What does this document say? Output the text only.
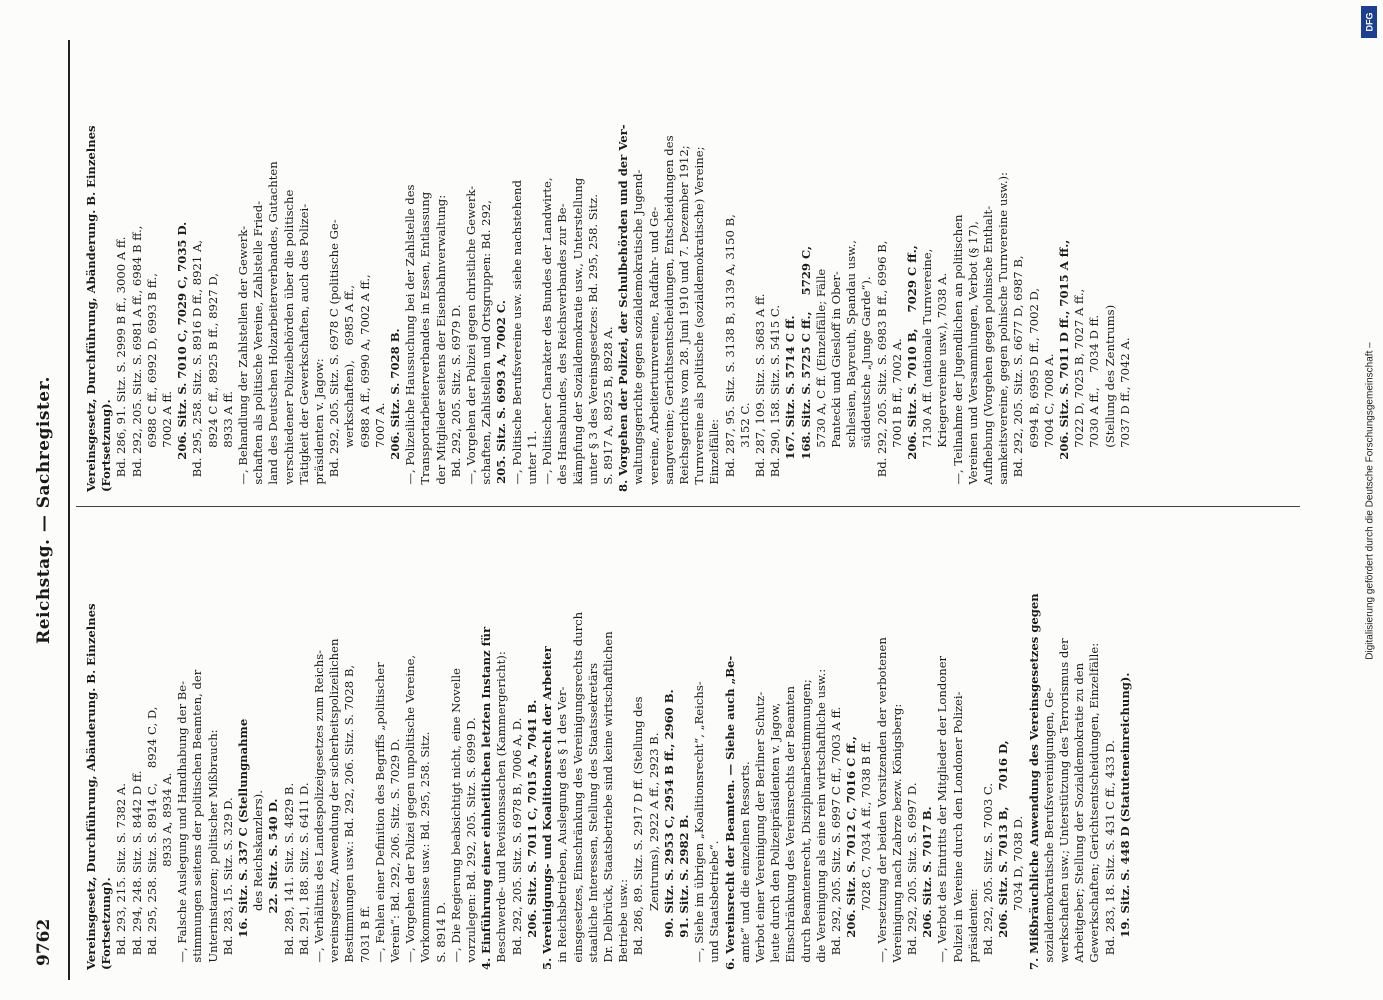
9762
Reichstag. — Sachregister.
Vereinsgesetz, Durchführung, Abänderung. B. Einzelnes (Fortsetzung). Bd. 293, 215. Sitz. S. 7382 A. Bd. 294, 248. Sitz. S. 8442 D ff. Bd. 295, 258. Sitz. S. 8914 C,    8924 C, D, 8933 A, 8934 A. —, Falsche Auslegung und Handhabung der Be- stimmungen seitens der politischen Beamten, der Unterinstanzen; politischer Mißbrauch: Bd. 283, 15. Sitz. S. 329 D. 16. Sitz. S. 337 C (Stellungnahme des Reichskanzlers). 22. Sitz. S. 540 D. Bd. 289, 141. Sitz. S. 4829 B. Bd. 291, 188. Sitz. S. 6411 D. —, Verhältnis des Landespolizeigesetzes zum Reichs- vereinsgesetz, Anwendung der sicherheitspolizeilichen Bestimmungen usw.: Bd. 292, 206. Sitz. S. 7028 B, 7031 B ff. —, Fehlen einer Definition des Begriffs „politischer Verein“: Bd. 292, 206. Sitz. S. 7029 D. —, Vorgehen der Polizei gegen unpolitische Vereine, Vorkommnisse usw.: Bd. 295, 258. Sitz. S. 8914 D. —, Die Regierung beabsichtigt nicht, eine Novelle vorzulegen: Bd. 292, 205. Sitz. S. 6999 D. 4. Einführung einer einheitlichen letzten Instanz für Beschwerde- und Revisionssachen (Kammergericht): Bd. 292, 205. Sitz. S. 6978 B, 7006 A, D. 206. Sitz. S. 7011 C, 7015 A, 7041 B. 5. Vereinigungs- und Koalitionsrecht der Arbeiter in Reichsbetrieben, Auslegung des § 1 des Ver- einsgesetzes, Einschränkung des Vereinigungsrechts durch staatliche Interessen, Stellung des Staatssekretärs Dr. Delbrück, Staatsbetriebe sind keine wirtschaftlichen Betriebe usw.: Bd. 286, 89. Sitz. S. 2917 D ff. (Stellung des Zentrums), 2922 A ff., 2923 B. 90. Sitz. S. 2953 C, 2954 B ff., 2960 B. 91. Sitz. S. 2982 B. —, Siehe im übrigen „Koalitionsrecht“, „Reichs- und Staatsbetriebe“. 6. Vereinsrecht der Beamten. — Siehe auch „Be- amte“ und die einzelnen Ressorts. Verbot einer Vereinigung der Berliner Schutz- leute durch den Polizeipräsidenten v. Jagow, Einschränkung des Vereinsrechts der Beamten durch Beamtenrecht, Disziplinarbestimmungen; die Vereinigung als eine rein wirtschaftliche usw.: Bd. 292, 205. Sitz. S. 6997 C ff., 7003 A ff. 206. Sitz. S. 7012 C, 7016 C ff., 7028 C, 7034 A ff., 7038 B ff. —, Versetzung der beiden Vorsitzenden der verbotenen Vereinigung nach Zabrze bezw. Königsberg: Bd. 292, 205. Sitz. S. 6997 D. 206. Sitz. S. 7017 B. —, Verbot des Eintritts der Mitglieder der Londoner Polizei in Vereine durch den Londoner Polizei- präsidenten: Bd. 292, 205. Sitz. S. 7003 C. 206. Sitz. S. 7013 B,    7016 D, 7034 D, 7038 D. 7. Mißbräuchliche Anwendung des Vereinsgesetzes gegen sozialdemokratische Berufsvereinigungen, Ge- werkschaften usw.; Unterstützung des Terrorismus der Arbeitgeber; Stellung der Sozialdemokratie zu den Gewerkschaften; Gerichtsentscheidungen, Einzelfälle: Bd. 283, 18. Sitz. S. 431 C ff., 433 D. 19. Sitz. S. 448 D (Statuteneinreichung).
Vereinsgesetz, Durchführung, Abänderung. B. Einzelnes (Fortsetzung). Bd. 286, 91. Sitz. S. 2999 B ff., 3000 A ff. Bd. 292, 205. Sitz. S. 6981 A ff., 6984 B ff., 6988 C ff., 6992 D, 6993 B ff., 7002 A ff. 206. Sitz. S. 7010 C, 7029 C, 7035 D. Bd. 295, 258. Sitz. S. 8916 D ff., 8921 A, 8924 C ff., 8925 B ff., 8927 D, 8933 A ff. —, Behandlung der Zahlstellen der Gewerk- schaften als politische Vereine, Zahlstelle Fried- land des Deutschen Holzarbeiterverbandes, Gutachten verschiedener Polizeibehörden über die politische Tätigkeit der Gewerkschaften, auch des Polizei- präsidenten v. Jagow: Bd. 292, 205. Sitz. S. 6978 C (politische Ge- werkschaften),    6985 A ff., 6988 A ff., 6990 A, 7002 A ff., 7007 A. 206. Sitz. S. 7028 B. —, Polizeiliche Haussuchung bei der Zahlstelle des Transportarbeiterverbandes in Essen, Entlassung der Mitglieder seitens der Eisenbahnverwaltung: Bd. 292, 205. Sitz. S. 6979 D. —, Vorgehen der Polizei gegen christliche Gewerk- schaften, Zahlstellen und Ortsgruppen: Bd. 292, 205. Sitz. S. 6993 A, 7002 C. —, Politische Berufsvereine usw. siehe nachstehend unter 11. —, Politischer Charakter des Bundes der Landwirte, des Hansabundes, des Reichsverbandes zur Be- kämpfung der Sozialdemokratie usw., Unterstellung unter § 3 des Vereinsgesetzes: Bd. 295, 258. Sitz. S. 8917 A, 8925 B, 8928 A. 8. Vorgehen der Polizei, der Schulbehörden und der Ver- waltungsgerichte gegen sozialdemokratische Jugend- vereine, Arbeiterturnvereine, Radfahr- und Ge- sangvereine; Gerichtsentscheidungen, Entscheidungen des Reichsgerichts vom 28. Juni 1910 und 7. Dezember 1912; Turnvereine als politische (sozialdemokratische) Vereine; Einzelfälle: Bd. 287, 95. Sitz. S. 3138 B, 3139 A, 3150 B, 3152 C. Bd. 287, 109. Sitz. S. 3683 A ff. Bd. 290, 158. Sitz. S. 5415 C. 167. Sitz. S. 5714 C ff. 168. Sitz. S. 5725 C ff.,    5729 C, 5730 A, C ff. (Einzelfälle; Fälle Pantecki und Giesloff in Ober- schlesien, Bayreuth, Spandau usw., süddeutsche „Junge Garde“). Bd. 292, 205. Sitz. S. 6983 B ff., 6996 B, 7001 B ff., 7002 A. 206. Sitz. S. 7010 B,    7029 C ff., 7130 A ff. (nationale Turnvereine, Kriegervereine usw.), 7038 A. —, Teilnahme der Jugendlichen an politischen Vereinen und Versammlungen, Verbot (§ 17), Aufhebung (Vorgehen gegen polnische Enthalt- samkeitsvereine, gegen polnische Turnvereine usw.): Bd. 292, 205. Sitz. S. 6677 D, 6987 B, 6994 B, 6995 D ff., 7002 D, 7004 C, 7008 A. 206. Sitz. S. 7011 D ff., 7015 A ff., 7022 D, 7025 B, 7027 A ff., 7030 A ff.,    7034 D ff. (Stellung des Zentrums) 7037 D ff., 7042 A.
DFG
Digitalisierung gefördert durch die Deutsche Forschungsgemeinschaft –
